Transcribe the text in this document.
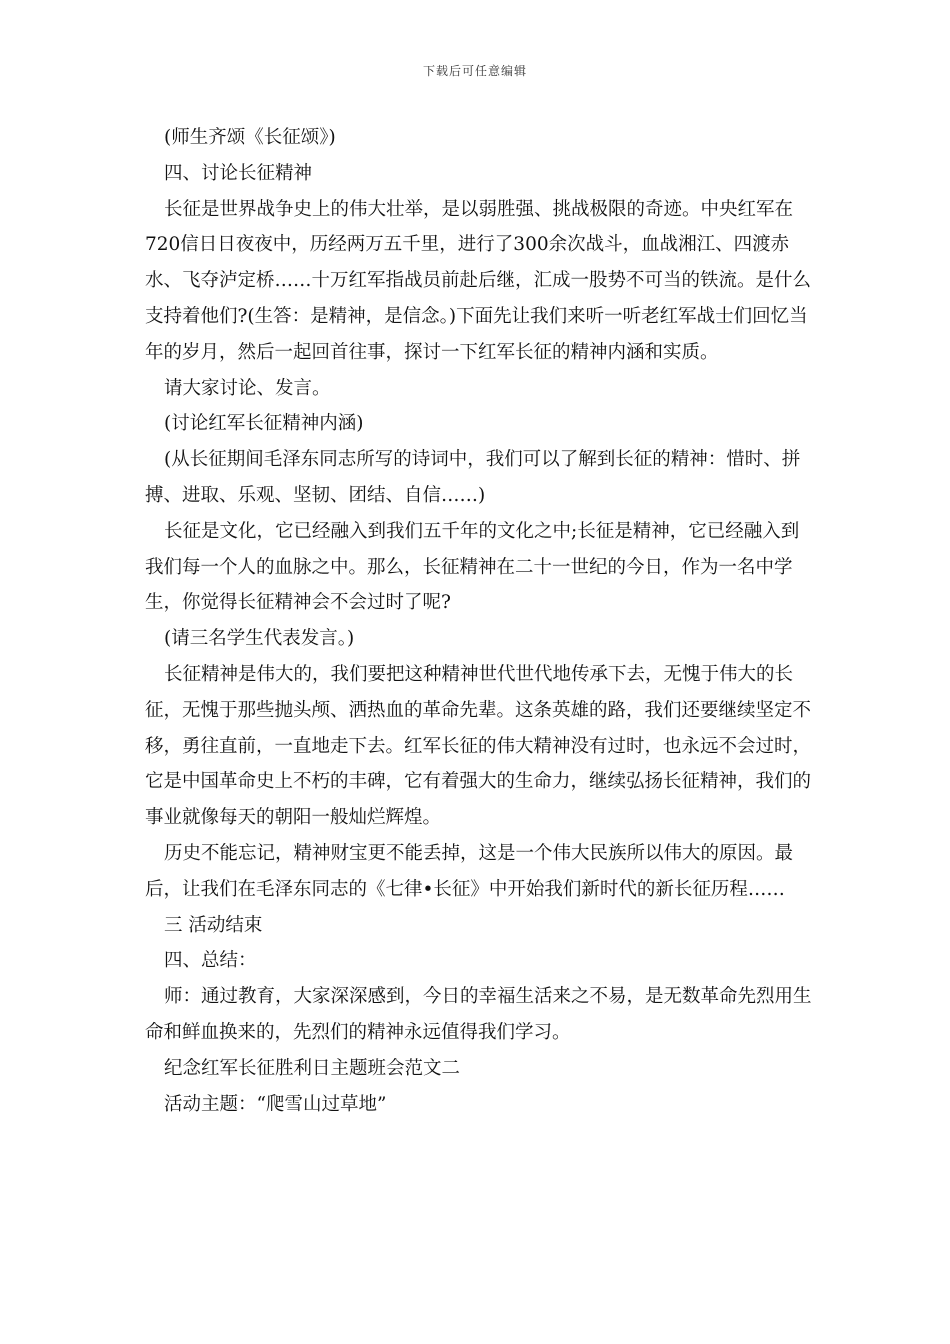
下载后可任意编辑

(师生齐颂《长征颂》)

四、讨论长征精神

长征是世界战争史上的伟大壮举，是以弱胜强、挑战极限的奇迹。中央红军在720信日日夜夜中，历经两万五千里，进行了300余次战斗，血战湘江、四渡赤水、飞夺泸定桥……十万红军指战员前赴后继，汇成一股势不可当的铁流。是什么支持着他们?(生答：是精神，是信念。)下面先让我们来听一听老红军战士们回忆当年的岁月，然后一起回首往事，探讨一下红军长征的精神内涵和实质。

请大家讨论、发言。

(讨论红军长征精神内涵)

(从长征期间毛泽东同志所写的诗词中，我们可以了解到长征的精神：惜时、拼搏、进取、乐观、坚韧、团结、自信……)

长征是文化，它已经融入到我们五千年的文化之中;长征是精神，它已经融入到我们每一个人的血脉之中。那么，长征精神在二十一世纪的今日，作为一名中学生，你觉得长征精神会不会过时了呢?

(请三名学生代表发言。)

长征精神是伟大的，我们要把这种精神世代世代地传承下去，无愧于伟大的长征，无愧于那些抛头颅、洒热血的革命先辈。这条英雄的路，我们还要继续坚定不移，勇往直前，一直地走下去。红军长征的伟大精神没有过时，也永远不会过时，它是中国革命史上不朽的丰碑，它有着强大的生命力，继续弘扬长征精神，我们的事业就像每天的朝阳一般灿烂辉煌。

历史不能忘记，精神财宝更不能丢掉，这是一个伟大民族所以伟大的原因。最后，让我们在毛泽东同志的《七律•长征》中开始我们新时代的新长征历程……

三 活动结束

四、总结：

师：通过教育，大家深深感到，今日的幸福生活来之不易，是无数革命先烈用生命和鲜血换来的，先烈们的精神永远值得我们学习。

纪念红军长征胜利日主题班会范文二

活动主题：“爬雪山过草地”
